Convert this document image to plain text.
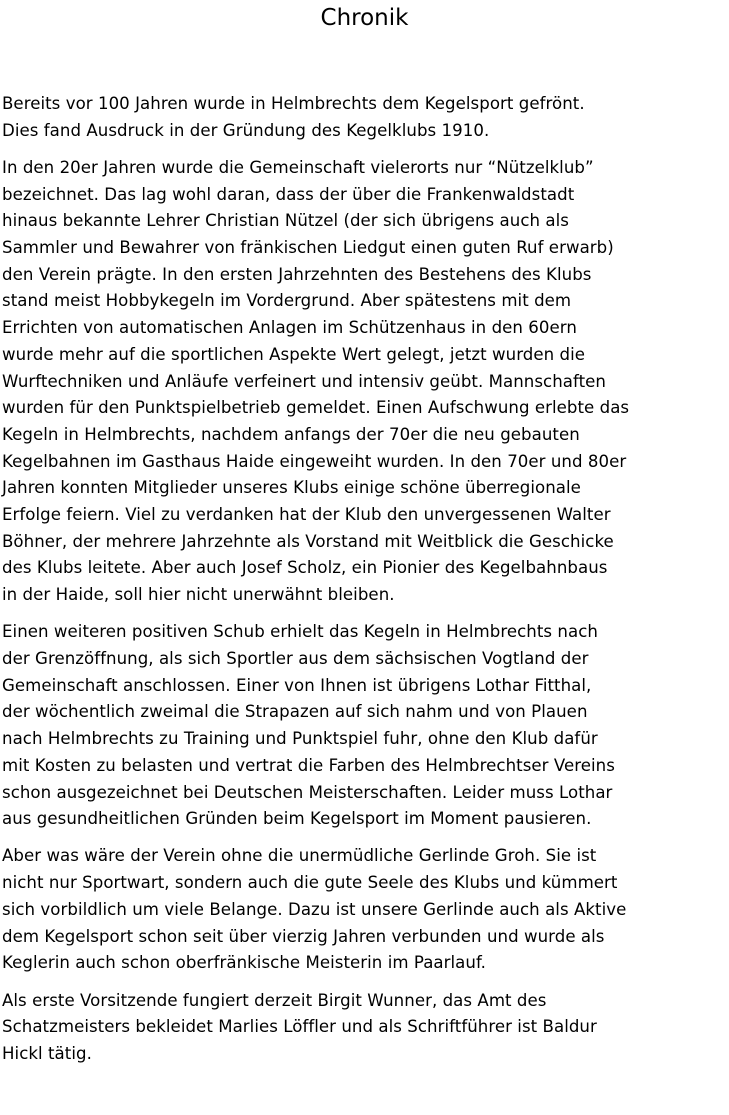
Chronik

Bereits vor 100 Jahren wurde in Helmbrechts dem Kegelsport gefrönt.
Dies fand Ausdruck in der Gründung des Kegelklubs 1910.

In den 20er Jahren wurde die Gemeinschaft vielerorts nur “Nützelklub”
bezeichnet. Das lag wohl daran, dass der über die Frankenwaldstadt
hinaus bekannte Lehrer Christian Nützel (der sich übrigens auch als
Sammler und Bewahrer von fränkischen Liedgut einen guten Ruf erwarb)
den Verein prägte. In den ersten Jahrzehnten des Bestehens des Klubs
stand meist Hobbykegeln im Vordergrund. Aber spätestens mit dem
Errichten von automatischen Anlagen im Schützenhaus in den 60ern
wurde mehr auf die sportlichen Aspekte Wert gelegt, jetzt wurden die
Wurftechniken und Anläufe verfeinert und intensiv geübt. Mannschaften
wurden für den Punktspielbetrieb gemeldet. Einen Aufschwung erlebte das
Kegeln in Helmbrechts, nachdem anfangs der 70er die neu gebauten
Kegelbahnen im Gasthaus Haide eingeweiht wurden. In den 70er und 80er
Jahren konnten Mitglieder unseres Klubs einige schöne überregionale
Erfolge feiern. Viel zu verdanken hat der Klub den unvergessenen Walter
Böhner, der mehrere Jahrzehnte als Vorstand mit Weitblick die Geschicke
des Klubs leitete. Aber auch Josef Scholz, ein Pionier des Kegelbahnbaus
in der Haide, soll hier nicht unerwähnt bleiben.

Einen weiteren positiven Schub erhielt das Kegeln in Helmbrechts nach
der Grenzöffnung, als sich Sportler aus dem sächsischen Vogtland der
Gemeinschaft anschlossen. Einer von Ihnen ist übrigens Lothar Fitthal,
der wöchentlich zweimal die Strapazen auf sich nahm und von Plauen
nach Helmbrechts zu Training und Punktspiel fuhr, ohne den Klub dafür
mit Kosten zu belasten und vertrat die Farben des Helmbrechtser Vereins
schon ausgezeichnet bei Deutschen Meisterschaften. Leider muss Lothar
aus gesundheitlichen Gründen beim Kegelsport im Moment pausieren.

Aber was wäre der Verein ohne die unermüdliche Gerlinde Groh. Sie ist
nicht nur Sportwart, sondern auch die gute Seele des Klubs und kümmert
sich vorbildlich um viele Belange. Dazu ist unsere Gerlinde auch als Aktive
dem Kegelsport schon seit über vierzig Jahren verbunden und wurde als
Keglerin auch schon oberfränkische Meisterin im Paarlauf.

Als erste Vorsitzende fungiert derzeit Birgit Wunner, das Amt des
Schatzmeisters bekleidet Marlies Löffler und als Schriftführer ist Baldur
Hickl tätig.
